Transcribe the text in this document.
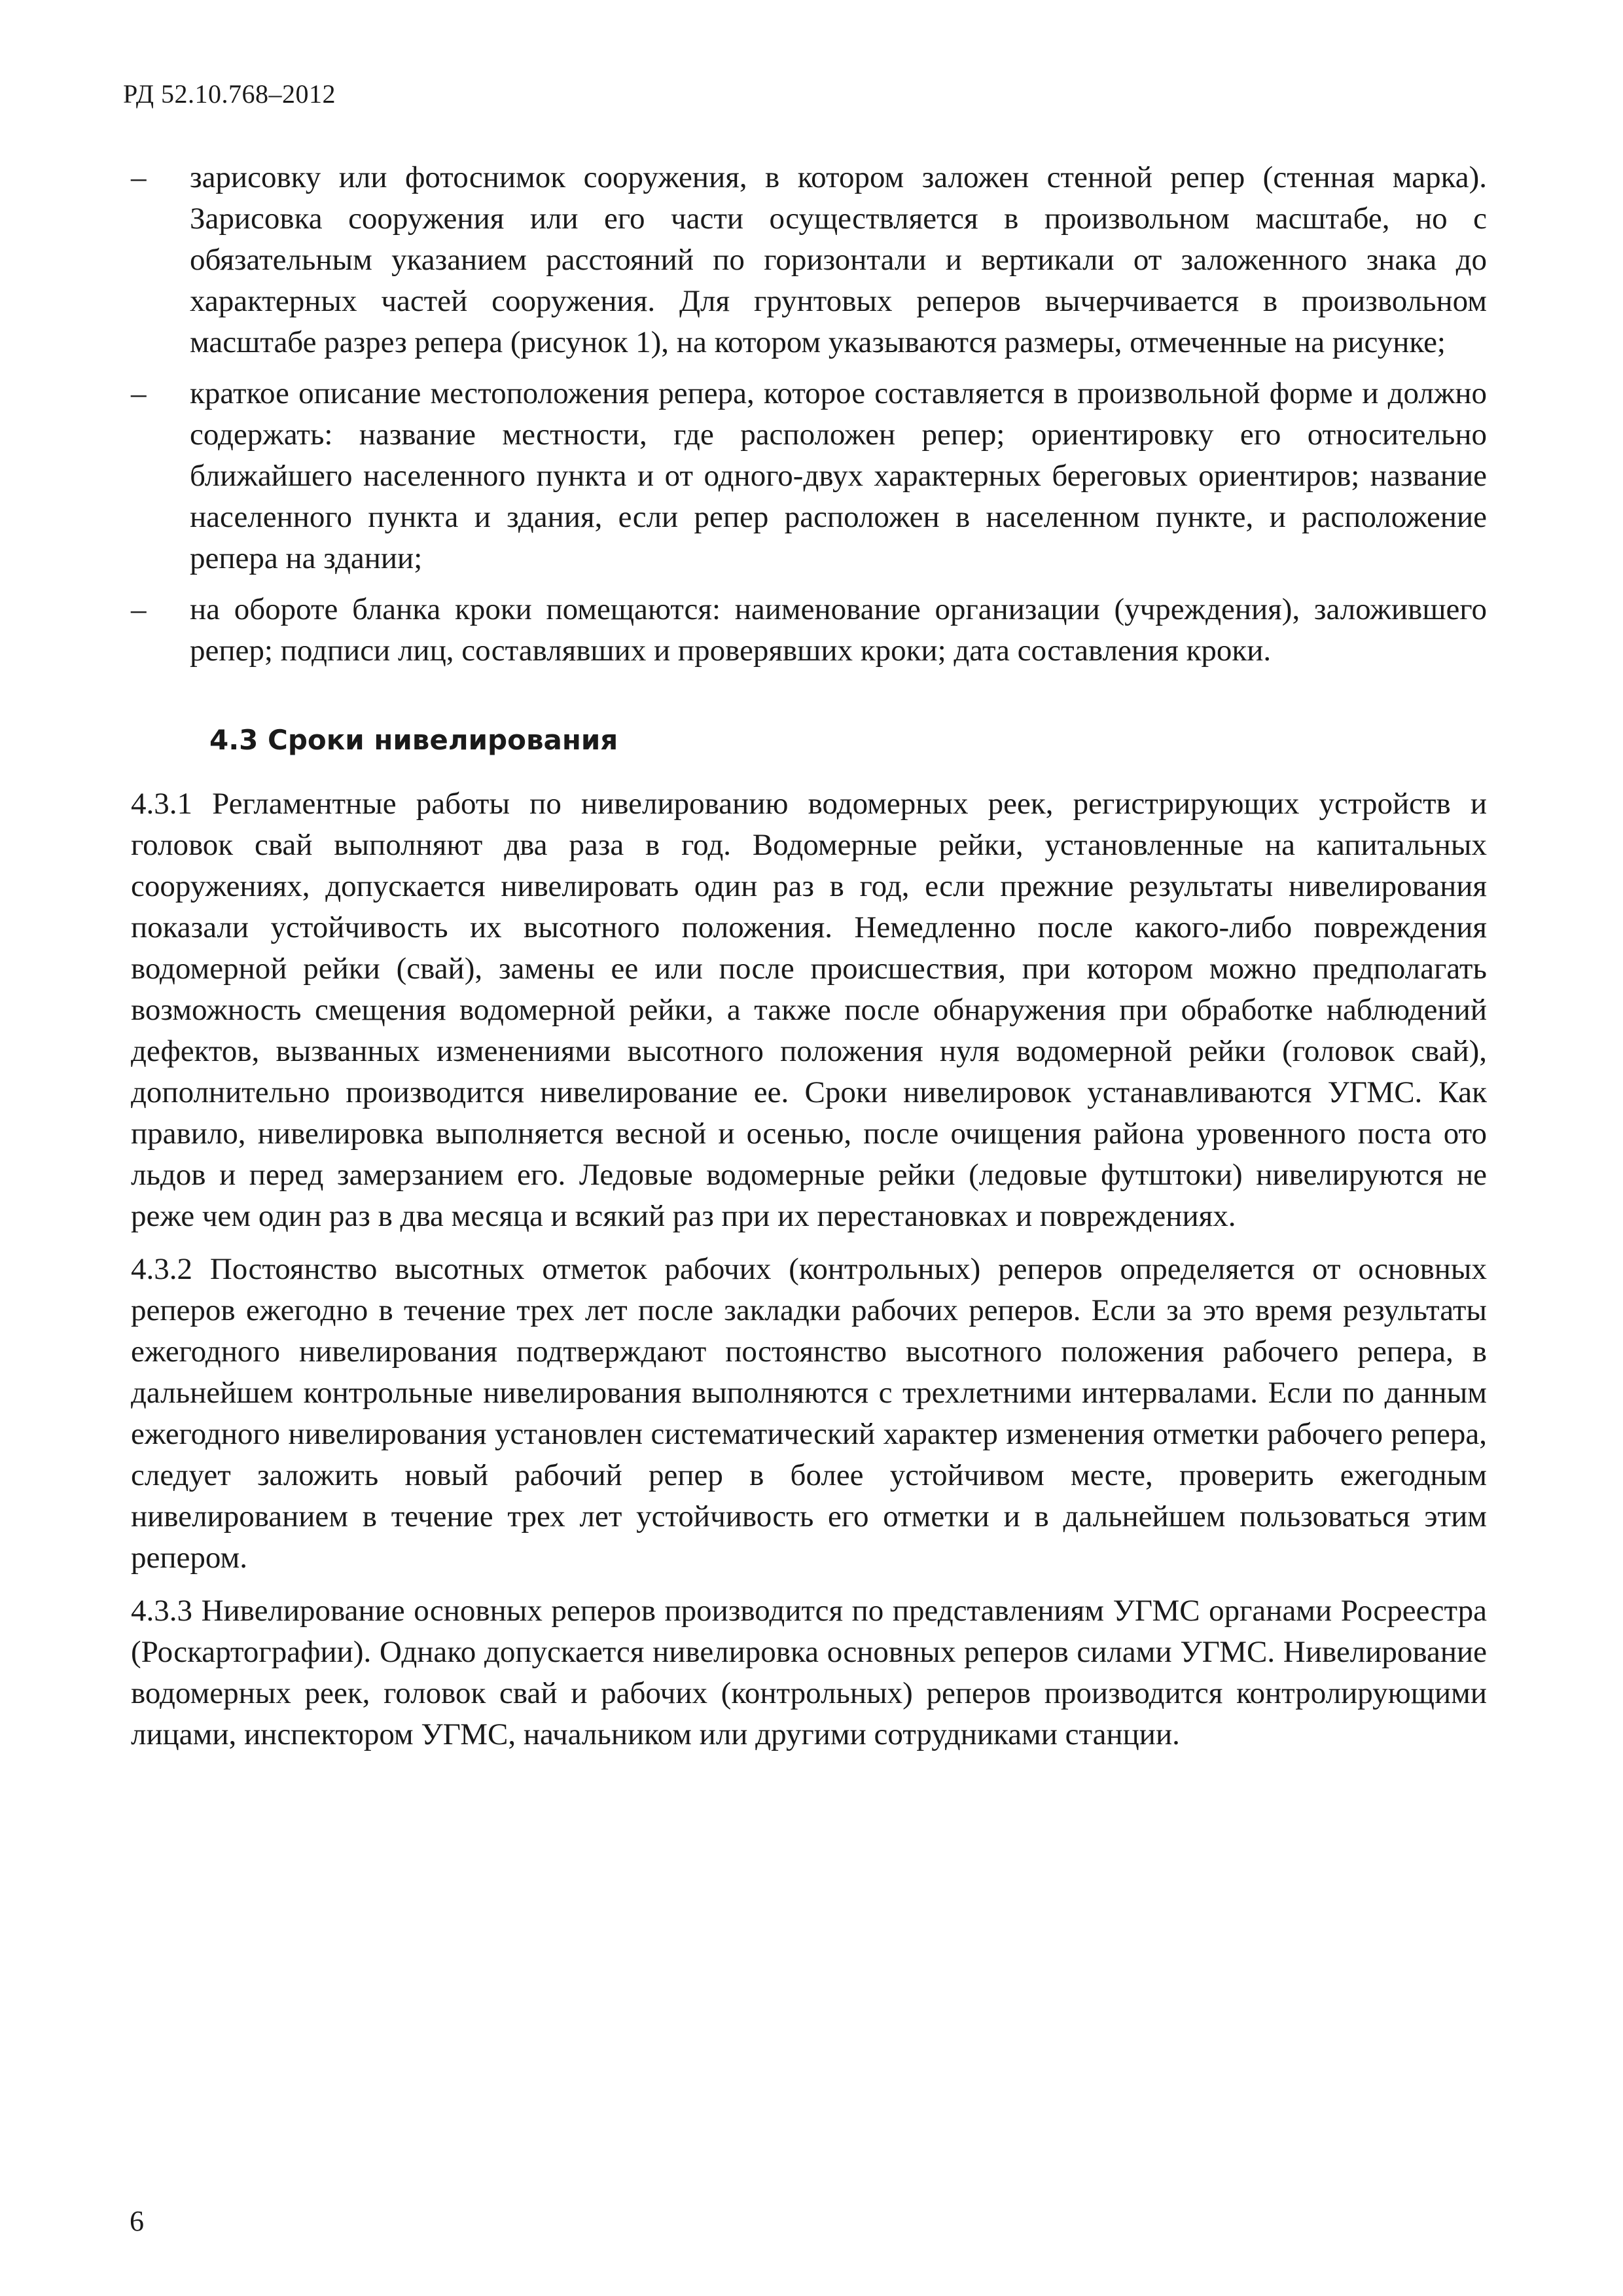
РД 52.10.768–2012

– зарисовку или фотоснимок сооружения, в котором заложен стенной репер (стенная марка). Зарисовка сооружения или его части осуществляется в произвольном масштабе, но с обязательным указанием расстояний по горизонтали и вертикали от заложенного знака до характерных частей сооружения. Для грунтовых реперов вычерчивается в произвольном масштабе разрез репера (рисунок 1), на котором указываются размеры, отмеченные на рисунке;
– краткое описание местоположения репера, которое составляется в произвольной форме и должно содержать: название местности, где расположен репер; ориентировку его относительно ближайшего населенного пункта и от одного-двух характерных береговых ориентиров; название населенного пункта и здания, если репер расположен в населенном пункте, и расположение репера на здании;
– на обороте бланка кроки помещаются: наименование организации (учреждения), заложившего репер; подписи лиц, составлявших и проверявших кроки; дата составления кроки.
4.3 Сроки нивелирования

4.3.1 Регламентные работы по нивелированию водомерных реек, регистрирующих устройств и головок свай выполняют два раза в год. Водомерные рейки, установленные на капитальных сооружениях, допускается нивелировать один раз в год, если прежние результаты нивелирования показали устойчивость их высотного положения. Немедленно после какого-либо повреждения водомерной рейки (свай), замены ее или после происшествия, при котором можно предполагать возможность смещения водомерной рейки, а также после обнаружения при обработке наблюдений дефектов, вызванных изменениями высотного положения нуля водомерной рейки (головок свай), дополнительно производится нивелирование ее. Сроки нивелировок устанавливаются УГМС. Как правило, нивелировка выполняется весной и осенью, после очищения района уровенного поста ото льдов и перед замерзанием его. Ледовые водомерные рейки (ледовые футштоки) нивелируются не реже чем один раз в два месяца и всякий раз при их перестановках и повреждениях.

4.3.2 Постоянство высотных отметок рабочих (контрольных) реперов определяется от основных реперов ежегодно в течение трех лет после закладки рабочих реперов. Если за это время результаты ежегодного нивелирования подтверждают постоянство высотного положения рабочего репера, в дальнейшем контрольные нивелирования выполняются с трехлетними интервалами. Если по данным ежегодного нивелирования установлен систематический характер изменения отметки рабочего репера, следует заложить новый рабочий репер в более устойчивом месте, проверить ежегодным нивелированием в течение трех лет устойчивость его отметки и в дальнейшем пользоваться этим репером.

4.3.3 Нивелирование основных реперов производится по представлениям УГМС органами Росреестра (Роскартографии). Однако допускается нивелировка основных реперов силами УГМС. Нивелирование водомерных реек, головок свай и рабочих (контрольных) реперов производится контролирующими лицами, инспектором УГМС, начальником или другими сотрудниками станции.

6
